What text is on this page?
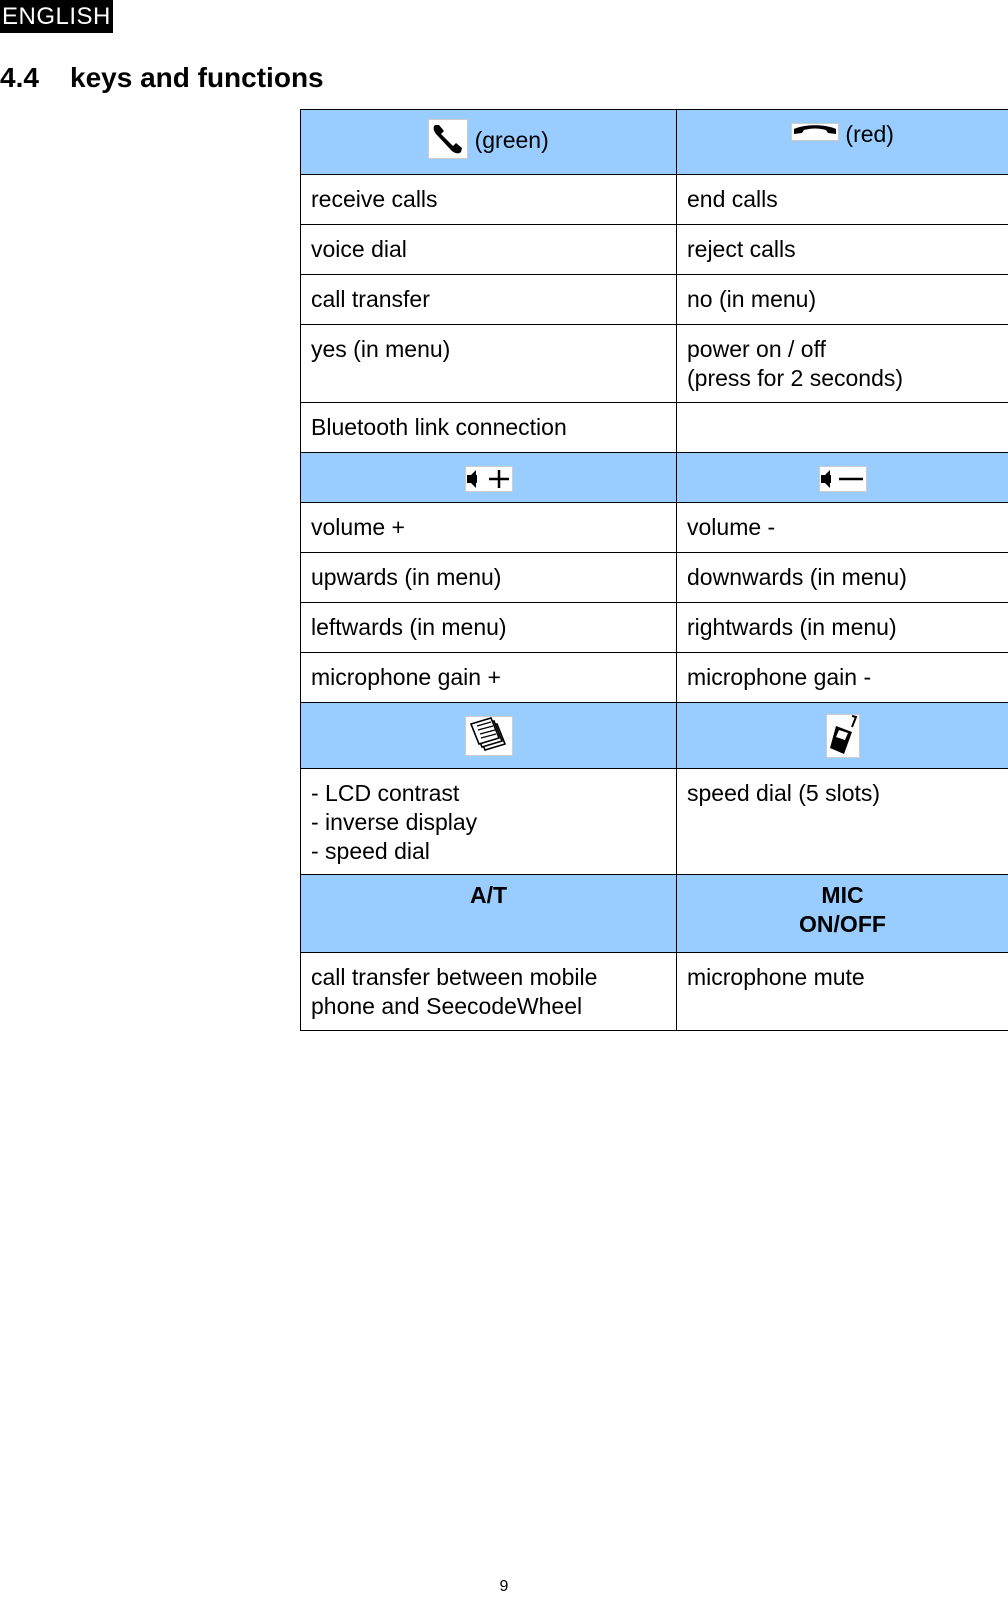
ENGLISH
4.4 keys and functions
(green)	(red)
receive calls	end calls
voice dial	reject calls
call transfer	no (in menu)
yes (in menu)	power on / off
(press for 2 seconds)
Bluetooth link connection	

volume +	volume -
upwards (in menu)	downwards (in menu)
leftwards (in menu)	rightwards (in menu)
microphone gain +	microphone gain -

- LCD contrast
- inverse display
- speed dial	speed dial (5 slots)
A/T	MIC
ON/OFF
call transfer between mobile
phone and SeecodeWheel	microphone mute
9
